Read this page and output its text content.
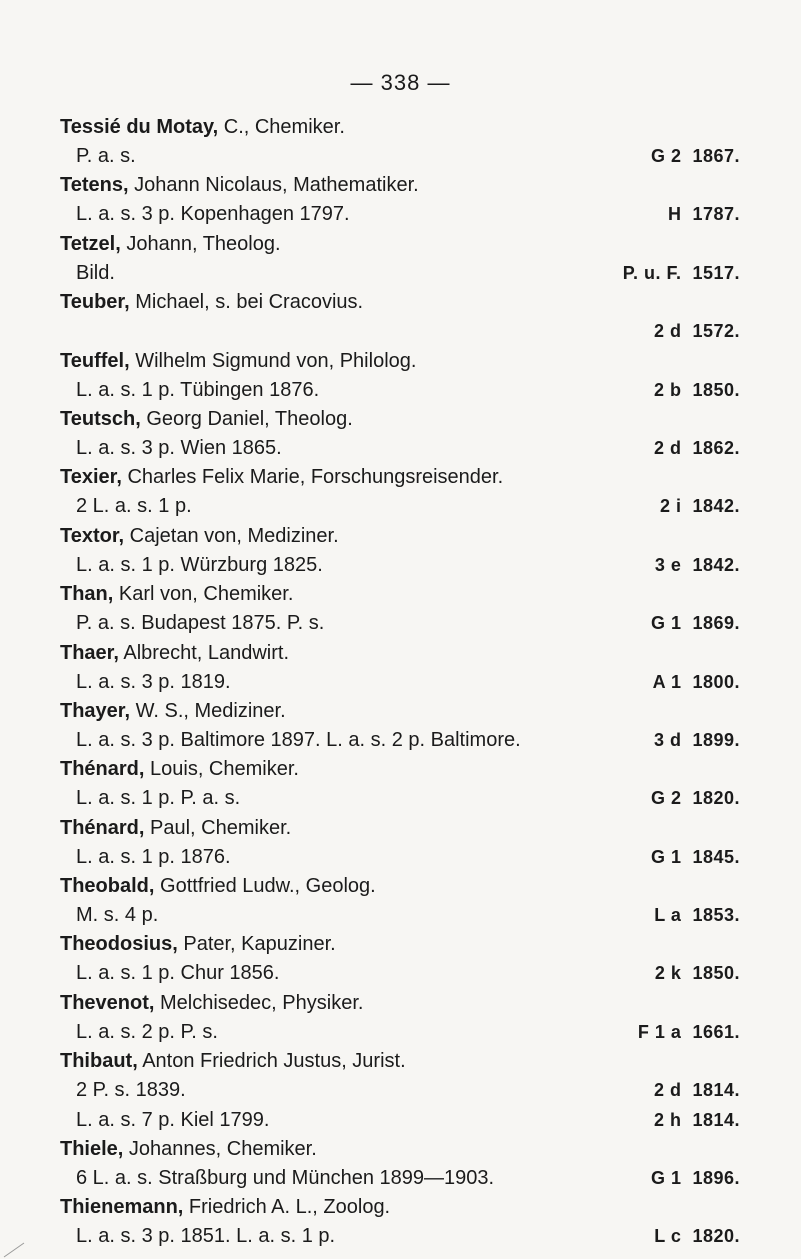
— 338 —
Tessié du Motay, C., Chemiker.
P. a. s.	G 2  1867.
Tetens, Johann Nicolaus, Mathematiker.
L. a. s. 3 p. Kopenhagen 1797.	H  1787.
Tetzel, Johann, Theolog.
Bild.	P. u. F.  1517.
Teuber, Michael, s. bei Cracovius.
2 d  1572.
Teuffel, Wilhelm Sigmund von, Philolog.
L. a. s. 1 p. Tübingen 1876.	2 b  1850.
Teutsch, Georg Daniel, Theolog.
L. a. s. 3 p. Wien 1865.	2 d  1862.
Texier, Charles Felix Marie, Forschungsreisender.
2 L. a. s. 1 p.	2 i  1842.
Textor, Cajetan von, Mediziner.
L. a. s. 1 p. Würzburg 1825.	3 e  1842.
Than, Karl von, Chemiker.
P. a. s. Budapest 1875. P. s.	G 1  1869.
Thaer, Albrecht, Landwirt.
L. a. s. 3 p. 1819.	A 1  1800.
Thayer, W. S., Mediziner.
L. a. s. 3 p. Baltimore 1897. L. a. s. 2 p. Baltimore.	3 d  1899.
Thénard, Louis, Chemiker.
L. a. s. 1 p. P. a. s.	G 2  1820.
Thénard, Paul, Chemiker.
L. a. s. 1 p. 1876.	G 1  1845.
Theobald, Gottfried Ludw., Geolog.
M. s. 4 p.	L a  1853.
Theodosius, Pater, Kapuziner.
L. a. s. 1 p. Chur 1856.	2 k  1850.
Thevenot, Melchisedec, Physiker.
L. a. s. 2 p. P. s.	F 1 a  1661.
Thibaut, Anton Friedrich Justus, Jurist.
2 P. s. 1839.	2 d  1814.
L. a. s. 7 p. Kiel 1799.	2 h  1814.
Thiele, Johannes, Chemiker.
6 L. a. s. Straßburg und München 1899—1903.	G 1  1896.
Thienemann, Friedrich A. L., Zoolog.
L. a. s. 3 p. 1851. L. a. s. 1 p.	L c  1820.
